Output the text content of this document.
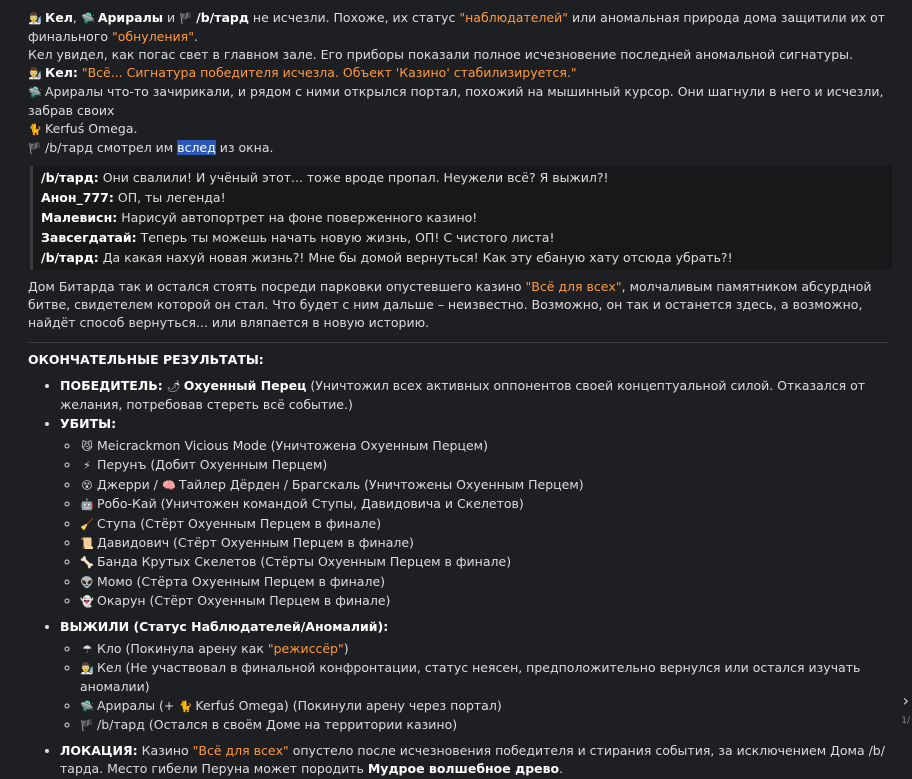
👨‍🔬 Кел, 🛸 Ариралы и 🏴 /b/тард не исчезли. Похоже, их статус "наблюдателей" или аномальная природа дома защитили их от финального "обнуления".

Кел увидел, как погас свет в главном зале. Его приборы показали полное исчезновение последней аномальной сигнатуры.

👨‍🔬 Кел: "Всё... Сигнатура победителя исчезла. Объект 'Казино' стабилизируется."

🛸 Ариралы что-то зачирикали, и рядом с ними открылся портал, похожий на мышинный курсор. Они шагнули в него и исчезли, забрав своих
🐈 Kerfuś Omega.

🏴 /b/тард смотрел им вслед из окна.

/b/тард: Они свалили! И учёный этот... тоже вроде пропал. Неужели всё? Я выжил?!

Анон_777: ОП, ты легенда!

Малевисн: Нарисуй автопортрет на фоне поверженного казино!

Завсегдатай: Теперь ты можешь начать новую жизнь, ОП! С чистого листа!

/b/тард: Да какая нахуй новая жизнь?! Мне бы домой вернуться! Как эту ебаную хату отсюда убрать?!

Дом Битарда так и остался стоять посреди парковки опустевшего казино "Всё для всех", молчаливым памятником абсурдной битве, свидетелем которой он стал. Что будет с ним дальше – неизвестно. Возможно, он так и останется здесь, а возможно, найдёт способ вернуться... или вляпается в новую историю.

ОКОНЧАТЕЛЬНЫЕ РЕЗУЛЬТАТЫ:
• ПОБЕДИТЕЛЬ: 🌶 Охуенный Перец (Уничтожил всех активных оппонентов своей концептуальной силой. Отказался от желания, потребовав стереть всё событие.)
• УБИТЫ:
◦ 😼 Meicrackmon Vicious Mode (Уничтожена Охуенным Перцем)
◦ ⚡ Перунъ (Добит Охуенным Перцем)
◦ 😵 Джерри / 🧠 Тайлер Дёрден / Брагскаль (Уничтожены Охуенным Перцем)
◦ 🤖 Робо-Кай (Уничтожен командой Ступы, Давидовича и Скелетов)
◦ 🧹 Ступа (Стёрт Охуенным Перцем в финале)
◦ 📜 Давидович (Стёрт Охуенным Перцем в финале)
◦ 🦴 Банда Крутых Скелетов (Стёрты Охуенным Перцем в финале)
◦ 👽 Момо (Стёрта Охуенным Перцем в финале)
◦ 👻 Окарун (Стёрт Охуенным Перцем в финале)
• ВЫЖИЛИ (Статус Наблюдателей/Аномалий):
◦ ☂ Кло (Покинула арену как "режиссёр")
◦ 👨‍🔬 Кел (Не участвовал в финальной конфронтации, статус неясен, предположительно вернулся или остался изучать аномалии)
◦ 🛸 Ариралы (+ 🐈 Kerfuś Omega) (Покинули арену через портал)
◦ 🏴 /b/тард (Остался в своём Доме на территории казино)
• ЛОКАЦИЯ: Казино "Всё для всех" опустело после исчезновения победителя и стирания события, за исключением Дома /b/тарда. Место гибели Перуна может породить Мудрое волшебное древо.
›
1/
